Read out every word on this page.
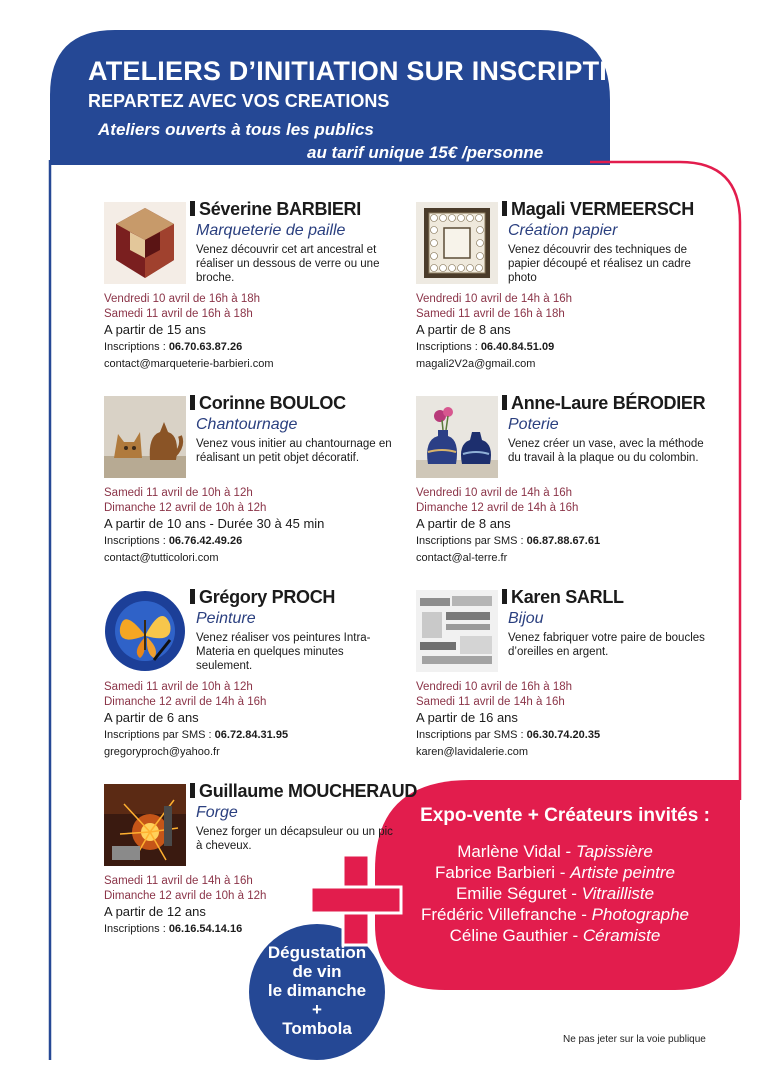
ATELIERS D’INITIATION SUR INSCRIPTION
REPARTEZ AVEC VOS CREATIONS
Ateliers ouverts à tous les publics
au tarif unique 15€ /personne
Séverine BARBIERI
Marqueterie de paille
Venez découvrir cet art ancestral et réaliser un dessous de verre ou une broche.
Vendredi 10 avril de 16h à 18h
Samedi 11 avril de 16h à 18h
A partir de 15 ans
Inscriptions : 06.70.63.87.26
contact@marqueterie-barbieri.com
Magali VERMEERSCH
Création papier
Venez découvrir des techniques de papier découpé et réalisez un cadre photo
Vendredi 10 avril de 14h à 16h
Samedi 11 avril de 16h à 18h
A partir de 8 ans
Inscriptions : 06.40.84.51.09
magali2V2a@gmail.com
Corinne BOULOC
Chantournage
Venez vous initier au chantournage en réalisant un petit objet décoratif.
Samedi 11 avril de 10h à 12h
Dimanche 12 avril de 10h à 12h
A partir de 10 ans - Durée 30 à 45 min
Inscriptions : 06.76.42.49.26
contact@tutticolori.com
Anne-Laure BÉRODIER
Poterie
Venez créer un vase, avec la méthode du travail à la plaque ou du colombin.
Vendredi 10 avril de 14h à 16h
Dimanche 12 avril de 14h à 16h
A partir de 8 ans
Inscriptions par SMS : 06.87.88.67.61
contact@al-terre.fr
Grégory PROCH
Peinture
Venez réaliser vos peintures Intra-Materia en quelques minutes seulement.
Samedi 11 avril de 10h à 12h
Dimanche 12 avril de 14h à 16h
A partir de 6 ans
Inscriptions par SMS : 06.72.84.31.95
gregoryproch@yahoo.fr
Karen SARLL
Bijou
Venez fabriquer votre paire de boucles d’oreilles en argent.
Vendredi 10 avril de 16h à 18h
Samedi 11 avril de 14h à 16h
A partir de 16 ans
Inscriptions par SMS : 06.30.74.20.35
karen@lavidalerie.com
Guillaume MOUCHERAUD
Forge
Venez forger un décapsuleur ou un pic à cheveux.
Samedi 11 avril de 14h à 16h
Dimanche 12 avril de 10h à 12h
A partir de 12 ans
Inscriptions : 06.16.54.14.16
Expo-vente + Créateurs invités :
Marlène Vidal - Tapissière
Fabrice Barbieri - Artiste peintre
Emilie Séguret - Vitrailliste
Frédéric Villefranche - Photographe
Céline Gauthier - Céramiste
Dégustation
de vin
le dimanche
+
Tombola
Ne pas jeter sur la voie publique
